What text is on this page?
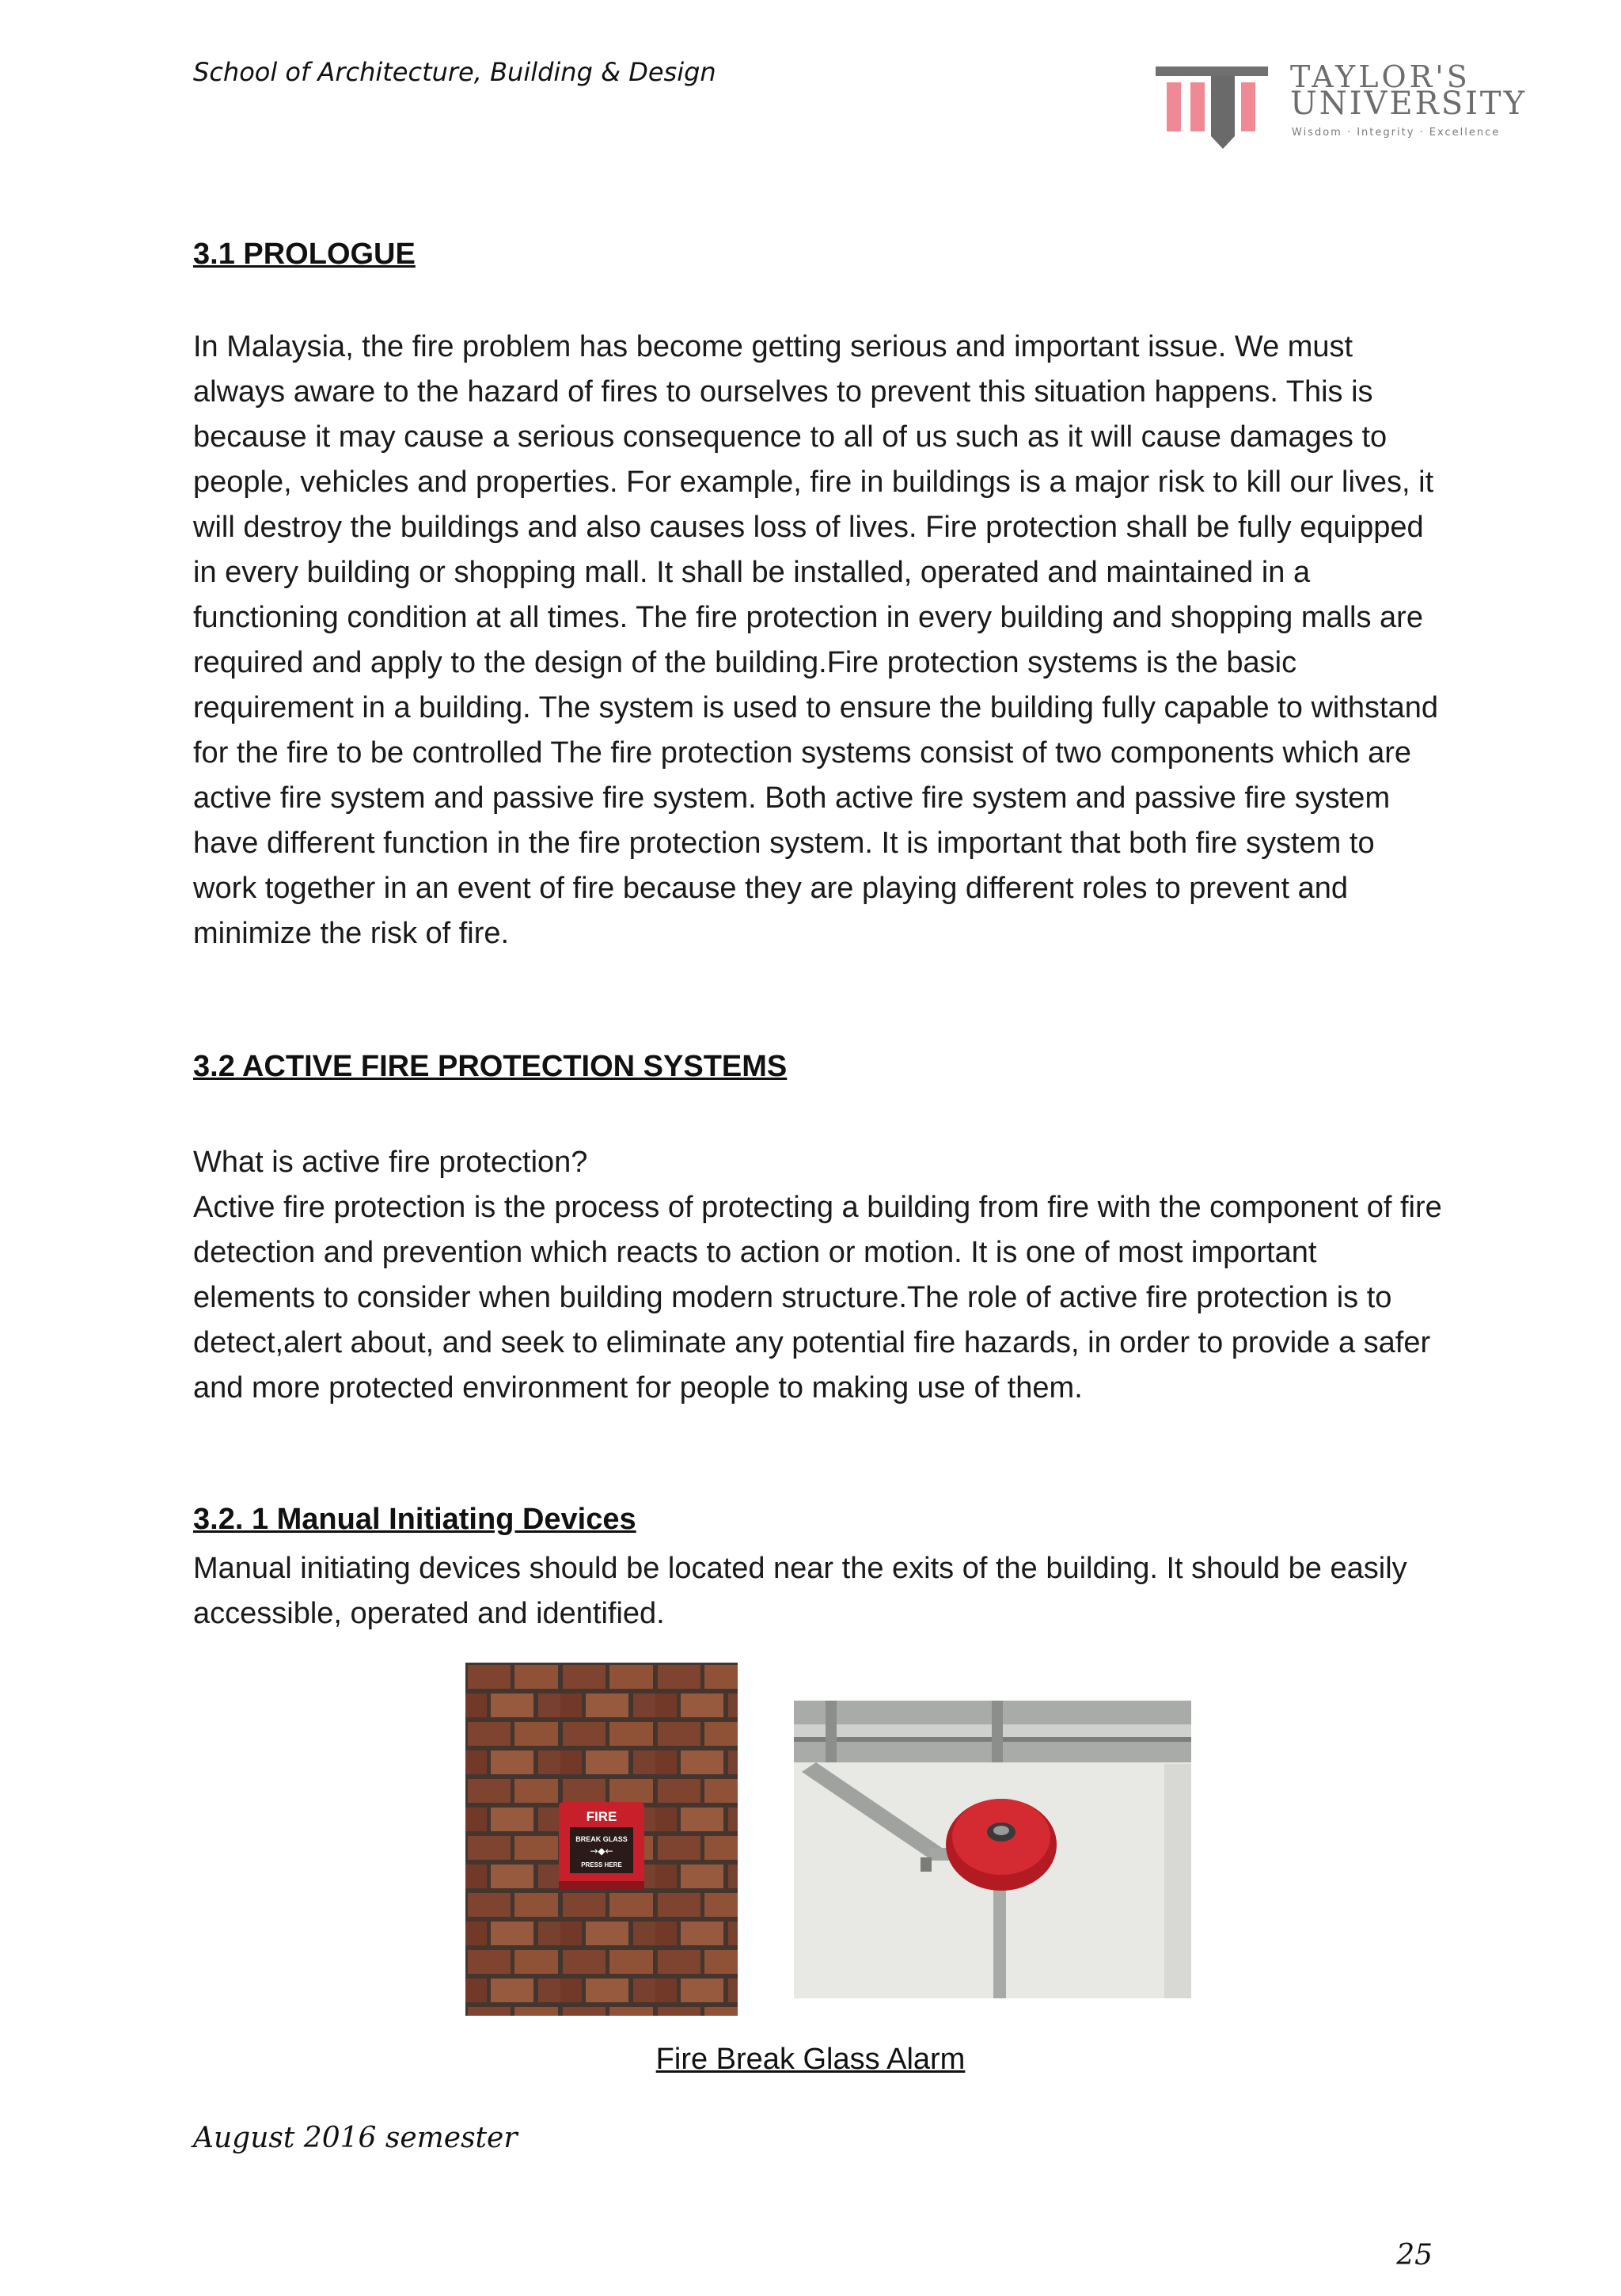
School of Architecture, Building & Design	TAYLOR'S
UNIVERSITY
Wisdom · Integrity · Excellence
3.1 PROLOGUE

In Malaysia, the fire problem has become getting serious and important issue. We must always aware to the hazard of fires to ourselves to prevent this situation happens. This is because it may cause a serious consequence to all of us such as it will cause damages to people, vehicles and properties. For example, fire in buildings is a major risk to kill our lives, it will destroy the buildings and also causes loss of lives. Fire protection shall be fully equipped in every building or shopping mall. It shall be installed, operated and maintained in a functioning condition at all times. The fire protection in every building and shopping malls are required and apply to the design of the building.Fire protection systems is the basic requirement in a building. The system is used to ensure the building fully capable to withstand for the fire to be controlled The fire protection systems consist of two components which are active fire system and passive fire system. Both active fire system and passive fire system have different function in the fire protection system. It is important that both fire system to work together in an event of fire because they are playing different roles to prevent and minimize the risk of fire.

3.2 ACTIVE FIRE PROTECTION SYSTEMS

What is active fire protection?

Active fire protection is the process of protecting a building from fire with the component of fire detection and prevention which reacts to action or motion. It is one of most important elements to consider when building modern structure.The role of active fire protection is to detect,alert about, and seek to eliminate any potential fire hazards, in order to provide a safer and more protected environment for people to making use of them.

3.2. 1 Manual Initiating Devices

Manual initiating devices should be located near the exits of the building. It should be easily accessible, operated and identified.

FIRE
BREAK GLASS
→◆←
PRESS HERE
Fire Break Glass Alarm
August 2016 semester
25
